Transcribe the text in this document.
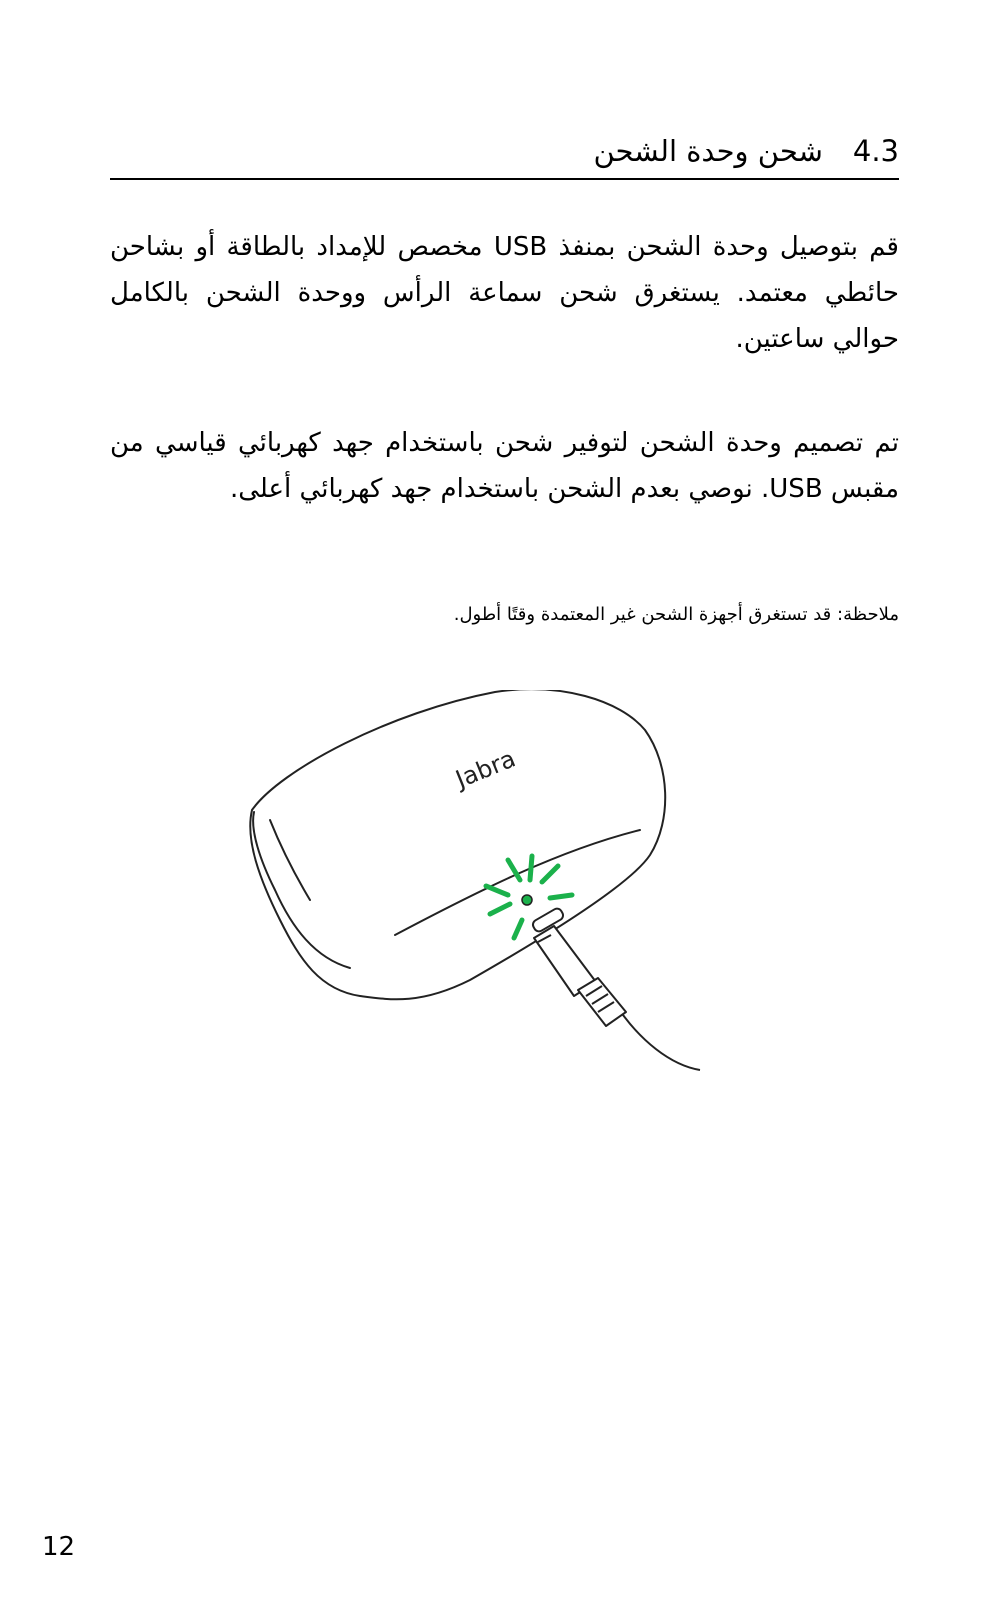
4.3
شحن وحدة الشحن

قم بتوصيل وحدة الشحن بمنفذ USB مخصص للإمداد بالطاقة أو بشاحن حائطي معتمد. يستغرق شحن سماعة الرأس ووحدة الشحن بالكامل حوالي ساعتين.

تم تصميم وحدة الشحن لتوفير شحن باستخدام جهد كهربائي قياسي من مقبس USB. نوصي بعدم الشحن باستخدام جهد كهربائي أعلى.

ملاحظة: قد تستغرق أجهزة الشحن غير المعتمدة وقتًا أطول.

Jabra
12
